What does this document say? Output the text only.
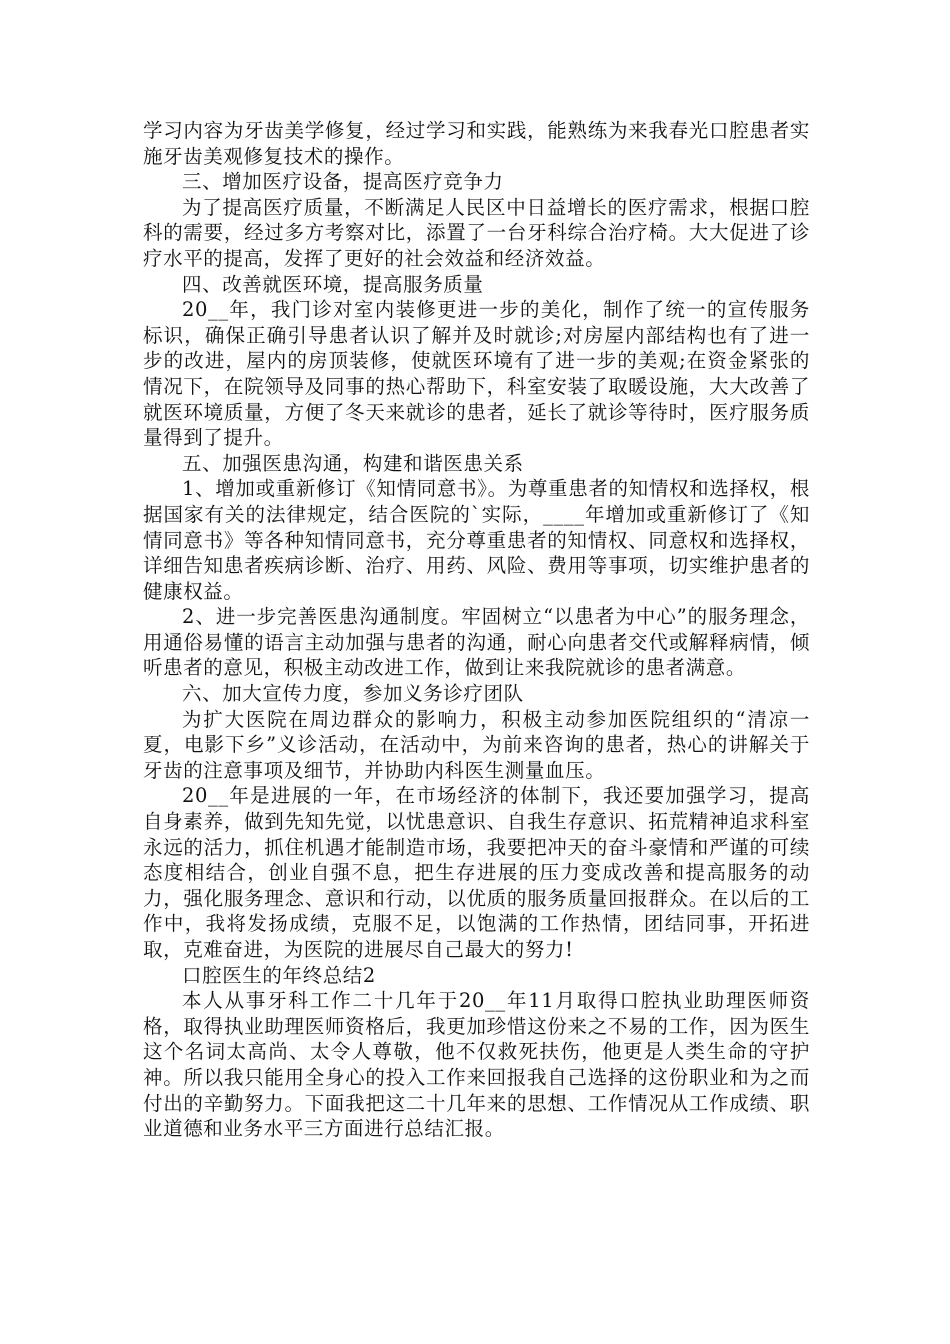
学习内容为牙齿美学修复，经过学习和实践，能熟练为来我春光口腔患者实施牙齿美观修复技术的操作。

三、增加医疗设备，提高医疗竞争力

为了提高医疗质量，不断满足人民区中日益增长的医疗需求，根据口腔科的需要，经过多方考察对比，添置了一台牙科综合治疗椅。大大促进了诊疗水平的提高，发挥了更好的社会效益和经济效益。

四、改善就医环境，提高服务质量

20__年，我门诊对室内装修更进一步的美化，制作了统一的宣传服务标识，确保正确引导患者认识了解并及时就诊;对房屋内部结构也有了进一步的改进，屋内的房顶装修，使就医环境有了进一步的美观;在资金紧张的情况下，在院领导及同事的热心帮助下，科室安装了取暖设施，大大改善了就医环境质量，方便了冬天来就诊的患者，延长了就诊等待时，医疗服务质量得到了提升。

五、加强医患沟通，构建和谐医患关系

1、增加或重新修订《知情同意书》。为尊重患者的知情权和选择权，根据国家有关的法律规定，结合医院的`实际，____年增加或重新修订了《知情同意书》等各种知情同意书，充分尊重患者的知情权、同意权和选择权，详细告知患者疾病诊断、治疗、用药、风险、费用等事项，切实维护患者的健康权益。

2、进一步完善医患沟通制度。牢固树立“以患者为中心”的服务理念，用通俗易懂的语言主动加强与患者的沟通，耐心向患者交代或解释病情，倾听患者的意见，积极主动改进工作，做到让来我院就诊的患者满意。

六、加大宣传力度，参加义务诊疗团队

为扩大医院在周边群众的影响力，积极主动参加医院组织的“清凉一夏，电影下乡”义诊活动，在活动中，为前来咨询的患者，热心的讲解关于牙齿的注意事项及细节，并协助内科医生测量血压。

20__年是进展的一年，在市场经济的体制下，我还要加强学习，提高自身素养，做到先知先觉，以忧患意识、自我生存意识、拓荒精神追求科室永远的活力，抓住机遇才能制造市场，我要把冲天的奋斗豪情和严谨的可续态度相结合，创业自强不息，把生存进展的压力变成改善和提高服务的动力，强化服务理念、意识和行动，以优质的服务质量回报群众。在以后的工作中，我将发扬成绩，克服不足，以饱满的工作热情，团结同事，开拓进取，克难奋进，为医院的进展尽自己最大的努力!

口腔医生的年终总结2

本人从事牙科工作二十几年于20__年11月取得口腔执业助理医师资格，取得执业助理医师资格后，我更加珍惜这份来之不易的工作，因为医生这个名词太高尚、太令人尊敬，他不仅救死扶伤，他更是人类生命的守护神。所以我只能用全身心的投入工作来回报我自己选择的这份职业和为之而付出的辛勤努力。下面我把这二十几年来的思想、工作情况从工作成绩、职业道德和业务水平三方面进行总结汇报。
